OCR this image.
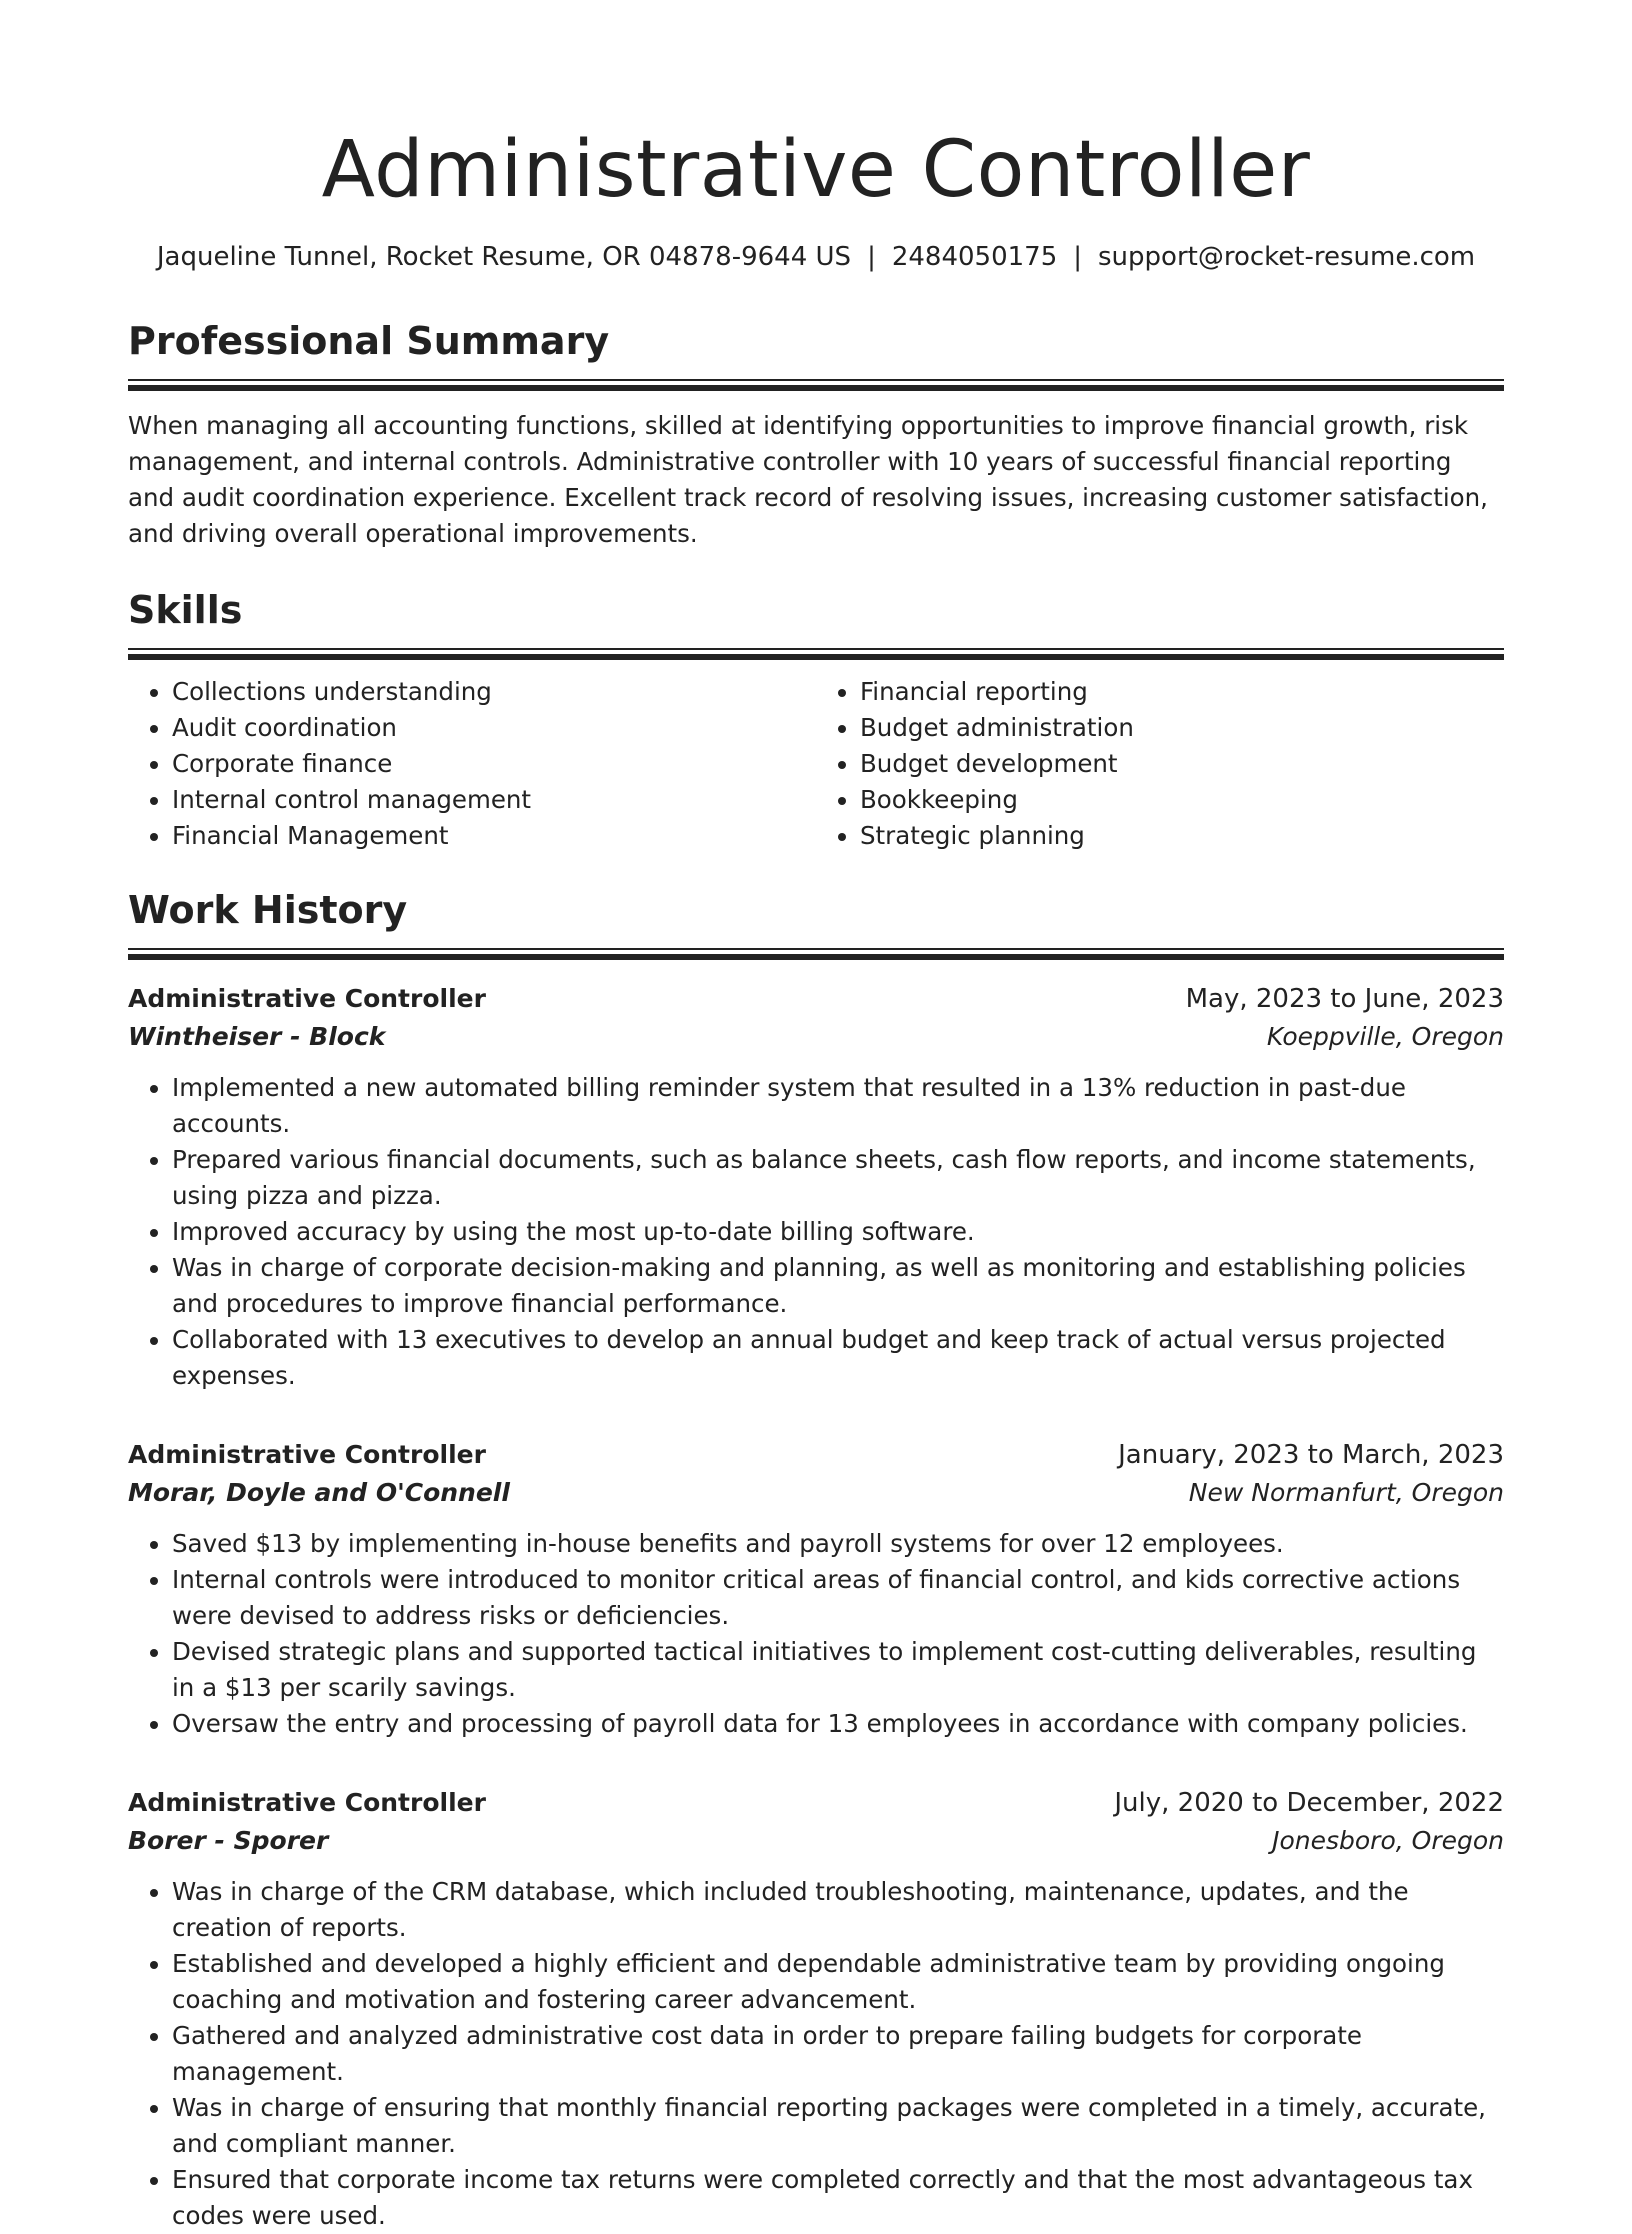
Administrative Controller
Jaqueline Tunnel, Rocket Resume, OR 04878-9644 US | 2484050175 | support@rocket-resume.com
Professional Summary

When managing all accounting functions, skilled at identifying opportunities to improve financial growth, risk management, and internal controls. Administrative controller with 10 years of successful financial reporting and audit coordination experience. Excellent track record of resolving issues, increasing customer satisfaction, and driving overall operational improvements.

Skills
• Collections understanding
• Audit coordination
• Corporate finance
• Internal control management
• Financial Management
• Financial reporting
• Budget administration
• Budget development
• Bookkeeping
• Strategic planning
Work History
Administrative Controller	May, 2023 to June, 2023
Wintheiser - Block	Koeppville, Oregon
• Implemented a new automated billing reminder system that resulted in a 13% reduction in past-due accounts.
• Prepared various financial documents, such as balance sheets, cash flow reports, and income statements, using pizza and pizza.
• Improved accuracy by using the most up-to-date billing software.
• Was in charge of corporate decision-making and planning, as well as monitoring and establishing policies and procedures to improve financial performance.
• Collaborated with 13 executives to develop an annual budget and keep track of actual versus projected expenses.
Administrative Controller	January, 2023 to March, 2023
Morar, Doyle and O'Connell	New Normanfurt, Oregon
• Saved $13 by implementing in-house benefits and payroll systems for over 12 employees.
• Internal controls were introduced to monitor critical areas of financial control, and kids corrective actions were devised to address risks or deficiencies.
• Devised strategic plans and supported tactical initiatives to implement cost-cutting deliverables, resulting in a $13 per scarily savings.
• Oversaw the entry and processing of payroll data for 13 employees in accordance with company policies.
Administrative Controller	July, 2020 to December, 2022
Borer - Sporer	Jonesboro, Oregon
• Was in charge of the CRM database, which included troubleshooting, maintenance, updates, and the creation of reports.
• Established and developed a highly efficient and dependable administrative team by providing ongoing coaching and motivation and fostering career advancement.
• Gathered and analyzed administrative cost data in order to prepare failing budgets for corporate management.
• Was in charge of ensuring that monthly financial reporting packages were completed in a timely, accurate, and compliant manner.
• Ensured that corporate income tax returns were completed correctly and that the most advantageous tax codes were used.
